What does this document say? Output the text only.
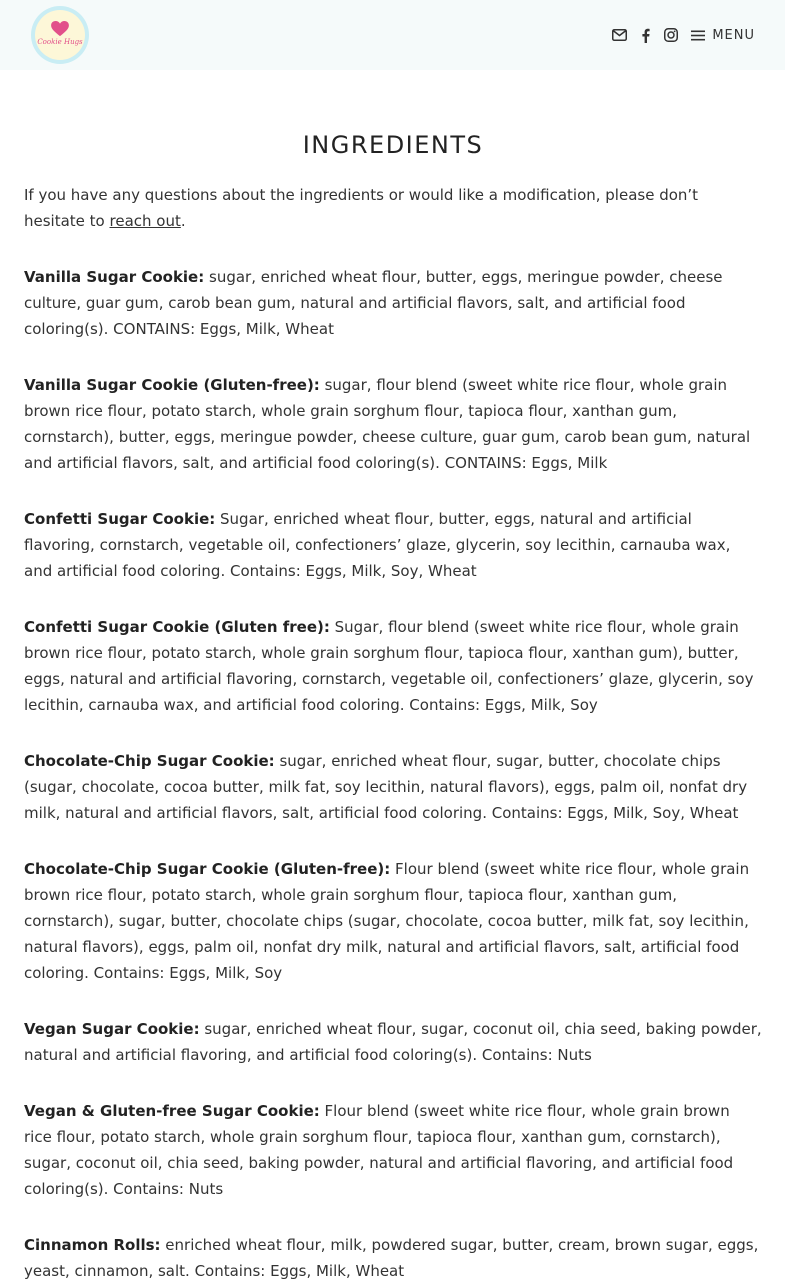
Cookie Hugs	MENU
INGREDIENTS

If you have any questions about the ingredients or would like a modification, please don’t hesitate to reach out.

Vanilla Sugar Cookie: sugar, enriched wheat flour, butter, eggs, meringue powder, cheese culture, guar gum, carob bean gum, natural and artificial flavors, salt, and artificial food coloring(s). CONTAINS: Eggs, Milk, Wheat

Vanilla Sugar Cookie (Gluten-free): sugar, flour blend (sweet white rice flour, whole grain brown rice flour, potato starch, whole grain sorghum flour, tapioca flour, xanthan gum, cornstarch), butter, eggs, meringue powder, cheese culture, guar gum, carob bean gum, natural and artificial flavors, salt, and artificial food coloring(s). CONTAINS: Eggs, Milk

Confetti Sugar Cookie: Sugar, enriched wheat flour, butter, eggs, natural and artificial flavoring, cornstarch, vegetable oil, confectioners’ glaze, glycerin, soy lecithin, carnauba wax, and artificial food coloring. Contains: Eggs, Milk, Soy, Wheat

Confetti Sugar Cookie (Gluten free): Sugar, flour blend (sweet white rice flour, whole grain brown rice flour, potato starch, whole grain sorghum flour, tapioca flour, xanthan gum), butter, eggs, natural and artificial flavoring, cornstarch, vegetable oil, confectioners’ glaze, glycerin, soy lecithin, carnauba wax, and artificial food coloring. Contains: Eggs, Milk, Soy

Chocolate-Chip Sugar Cookie: sugar, enriched wheat flour, sugar, butter, chocolate chips (sugar, chocolate, cocoa butter, milk fat, soy lecithin, natural flavors), eggs, palm oil, nonfat dry milk, natural and artificial flavors, salt, artificial food coloring. Contains: Eggs, Milk, Soy, Wheat

Chocolate-Chip Sugar Cookie (Gluten-free): Flour blend (sweet white rice flour, whole grain brown rice flour, potato starch, whole grain sorghum flour, tapioca flour, xanthan gum, cornstarch), sugar, butter, chocolate chips (sugar, chocolate, cocoa butter, milk fat, soy lecithin, natural flavors), eggs, palm oil, nonfat dry milk, natural and artificial flavors, salt, artificial food coloring. Contains: Eggs, Milk, Soy

Vegan Sugar Cookie: sugar, enriched wheat flour, sugar, coconut oil, chia seed, baking powder, natural and artificial flavoring, and artificial food coloring(s). Contains: Nuts

Vegan & Gluten-free Sugar Cookie: Flour blend (sweet white rice flour, whole grain brown rice flour, potato starch, whole grain sorghum flour, tapioca flour, xanthan gum, cornstarch), sugar, coconut oil, chia seed, baking powder, natural and artificial flavoring, and artificial food coloring(s). Contains: Nuts

Cinnamon Rolls: enriched wheat flour, milk, powdered sugar, butter, cream, brown sugar, eggs, yeast, cinnamon, salt. Contains: Eggs, Milk, Wheat
